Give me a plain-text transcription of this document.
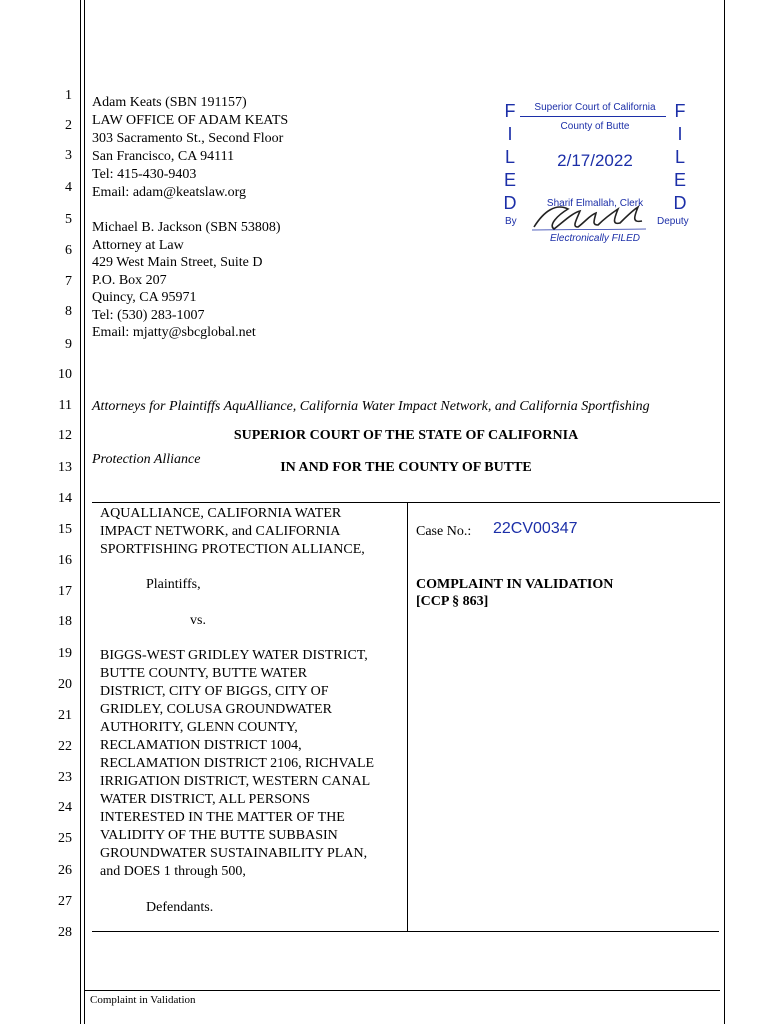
1
2
3
4
5
6
7
8
9
10
11
12
13
14
15
16
17
18
19
20
21
22
23
24
25
26
27
28
Adam Keats (SBN 191157)
LAW OFFICE OF ADAM KEATS
303 Sacramento St., Second Floor
San Francisco, CA 94111
Tel: 415-430-9403
Email: adam@keatslaw.org
Michael B. Jackson (SBN 53808)
Attorney at Law
429 West Main Street, Suite D
P.O. Box 207
Quincy, CA 95971
Tel: (530) 283-1007
Email: mjatty@sbcglobal.net

Attorneys for Plaintiffs AquAlliance, California Water Impact Network, and California Sportfishing

Protection Alliance

F
I
L
E
D
F
I
L
E
D
Superior Court of California
County of Butte
2/17/2022
Sharif Elmallah, Clerk
By	Deputy
Electronically FILED
SUPERIOR COURT OF THE STATE OF CALIFORNIA
IN AND FOR THE COUNTY OF BUTTE
AQUALLIANCE, CALIFORNIA WATER
IMPACT NETWORK, and CALIFORNIA
SPORTFISHING PROTECTION ALLIANCE,
Plaintiffs,
vs.
BIGGS-WEST GRIDLEY WATER DISTRICT,
BUTTE COUNTY, BUTTE WATER
DISTRICT, CITY OF BIGGS, CITY OF
GRIDLEY, COLUSA GROUNDWATER
AUTHORITY, GLENN COUNTY,
RECLAMATION DISTRICT 1004,
RECLAMATION DISTRICT 2106, RICHVALE
IRRIGATION DISTRICT, WESTERN CANAL
WATER DISTRICT, ALL PERSONS
INTERESTED IN THE MATTER OF THE
VALIDITY OF THE BUTTE SUBBASIN
GROUNDWATER SUSTAINABILITY PLAN,
and DOES 1 through 500,
Defendants.
Case No.: 22CV00347
COMPLAINT IN VALIDATION
[CCP § 863]
Complaint in Validation
